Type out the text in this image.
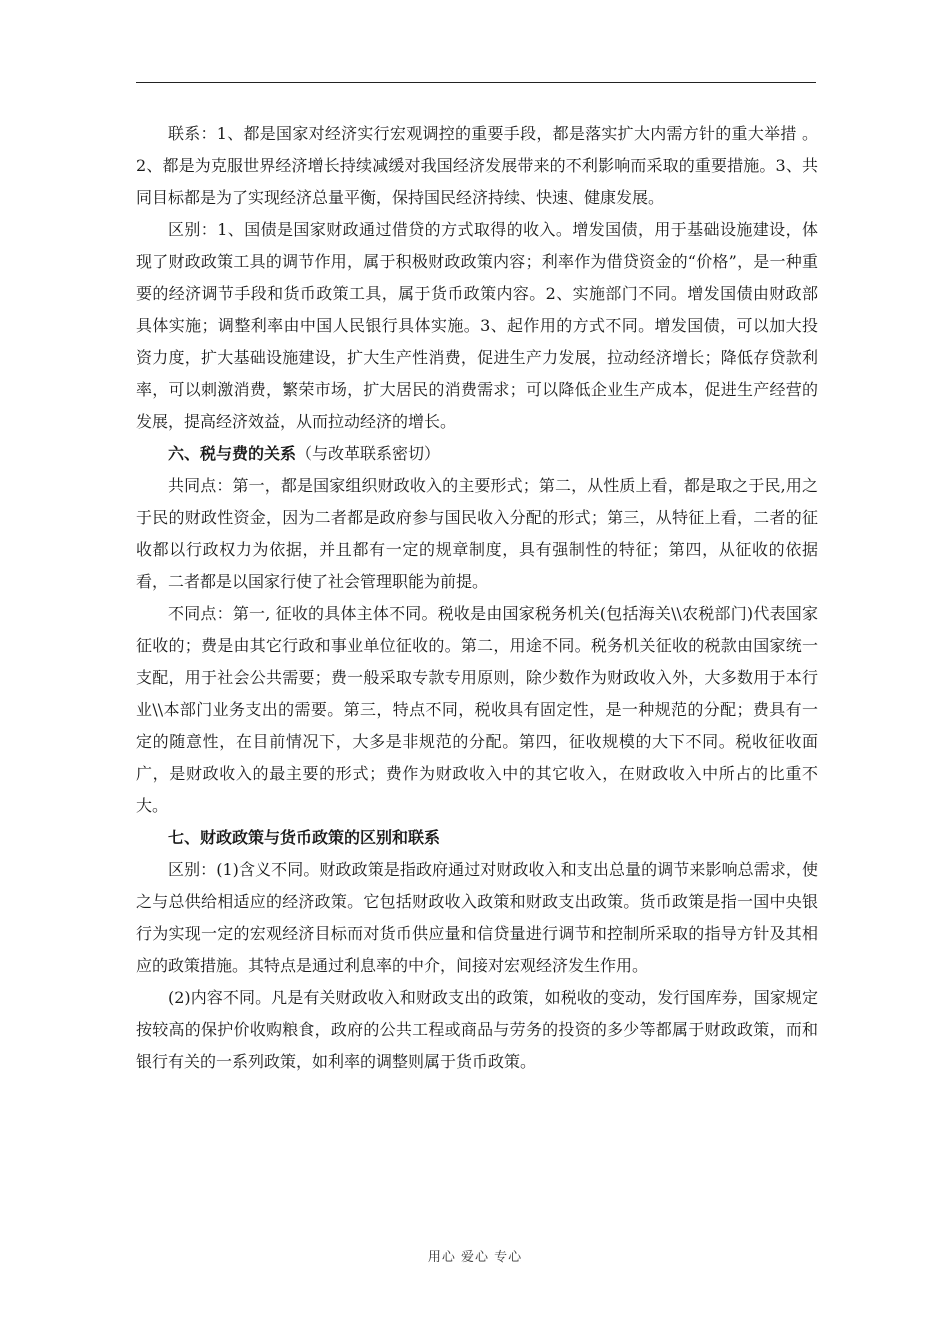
联系：1、都是国家对经济实行宏观调控的重要手段，都是落实扩大内需方针的重大举措 。2、都是为克服世界经济增长持续减缓对我国经济发展带来的不利影响而采取的重要措施。3、共同目标都是为了实现经济总量平衡，保持国民经济持续、快速、健康发展。

区别：1、国债是国家财政通过借贷的方式取得的收入。增发国债，用于基础设施建设，体现了财政政策工具的调节作用，属于积极财政政策内容；利率作为借贷资金的“价格”，是一种重要的经济调节手段和货币政策工具，属于货币政策内容。2、实施部门不同。增发国债由财政部具体实施；调整利率由中国人民银行具体实施。3、起作用的方式不同。增发国债，可以加大投资力度，扩大基础设施建设，扩大生产性消费，促进生产力发展，拉动经济增长；降低存贷款利率，可以刺激消费，繁荣市场，扩大居民的消费需求；可以降低企业生产成本，促进生产经营的发展，提高经济效益，从而拉动经济的增长。

六、税与费的关系（与改革联系密切）

共同点：第一，都是国家组织财政收入的主要形式；第二，从性质上看，都是取之于民,用之于民的财政性资金，因为二者都是政府参与国民收入分配的形式；第三，从特征上看，二者的征收都以行政权力为依据，并且都有一定的规章制度，具有强制性的特征；第四，从征收的依据看，二者都是以国家行使了社会管理职能为前提。

不同点：第一, 征收的具体主体不同。税收是由国家税务机关(包括海关\\农税部门)代表国家征收的；费是由其它行政和事业单位征收的。第二，用途不同。税务机关征收的税款由国家统一支配，用于社会公共需要；费一般采取专款专用原则，除少数作为财政收入外，大多数用于本行业\\本部门业务支出的需要。第三，特点不同，税收具有固定性，是一种规范的分配；费具有一定的随意性，在目前情况下，大多是非规范的分配。第四，征收规模的大下不同。税收征收面广，是财政收入的最主要的形式；费作为财政收入中的其它收入，在财政收入中所占的比重不大。

七、财政政策与货币政策的区别和联系

区别：(1)含义不同。财政政策是指政府通过对财政收入和支出总量的调节来影响总需求，使之与总供给相适应的经济政策。它包括财政收入政策和财政支出政策。货币政策是指一国中央银行为实现一定的宏观经济目标而对货币供应量和信贷量进行调节和控制所采取的指导方针及其相应的政策措施。其特点是通过利息率的中介，间接对宏观经济发生作用。

(2)内容不同。凡是有关财政收入和财政支出的政策，如税收的变动，发行国库券，国家规定按较高的保护价收购粮食，政府的公共工程或商品与劳务的投资的多少等都属于财政政策，而和银行有关的一系列政策，如利率的调整则属于货币政策。

用心 爱心 专心
